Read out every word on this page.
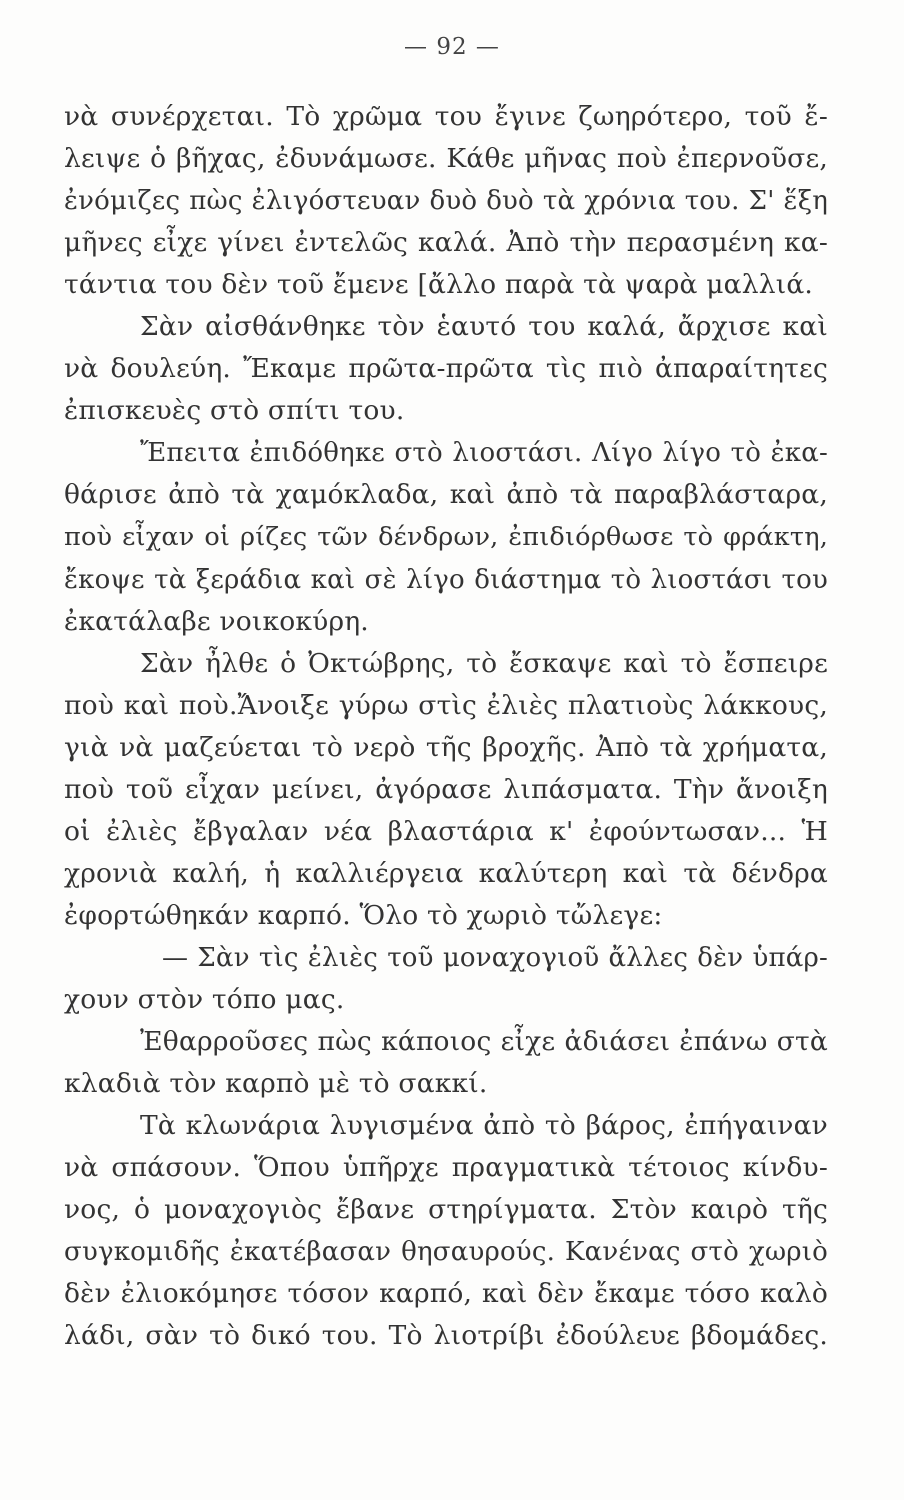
— 92 —
νὰ συνέρχεται. Τὸ χρῶμα του ἔγινε ζωηρότερο, τοῦ ἔ-
λειψε ὁ βῆχας, ἐδυνάμωσε. Κάθε μῆνας ποὺ ἐπερνοῦσε,
ἐνόμιζες πὼς ἐλιγόστευαν δυὸ δυὸ τὰ χρόνια του. Σ' ἕξη
μῆνες εἶχε γίνει ἐντελῶς καλά. Ἀπὸ τὴν περασμένη κα-
τάντια του δὲν τοῦ ἔμενε [ἄλλο παρὰ τὰ ψαρὰ μαλλιά.
Σὰν αἰσθάνθηκε τὸν ἑαυτό του καλά, ἄρχισε καὶ
νὰ δουλεύη. Ἔκαμε πρῶτα-πρῶτα τὶς πιὸ ἀπαραίτητες
ἐπισκευὲς στὸ σπίτι του.
Ἔπειτα ἐπιδόθηκε στὸ λιοστάσι. Λίγο λίγο τὸ ἐκα-
θάρισε ἀπὸ τὰ χαμόκλαδα, καὶ ἀπὸ τὰ παραβλάσταρα,
ποὺ εἶχαν οἱ ρίζες τῶν δένδρων, ἐπιδιόρθωσε τὸ φράκτη,
ἔκοψε τὰ ξεράδια καὶ σὲ λίγο διάστημα τὸ λιοστάσι του
ἐκατάλαβε νοικοκύρη.
Σὰν ἦλθε ὁ Ὀκτώβρης, τὸ ἔσκαψε καὶ τὸ ἔσπειρε
ποὺ καὶ ποὺ.Ἄνοιξε γύρω στὶς ἐλιὲς πλατιοὺς λάκκους,
γιὰ νὰ μαζεύεται τὸ νερὸ τῆς βροχῆς. Ἀπὸ τὰ χρήματα,
ποὺ τοῦ εἶχαν μείνει, ἀγόρασε λιπάσματα. Τὴν ἄνοιξη
οἱ ἐλιὲς ἔβγαλαν νέα βλαστάρια κ' ἐφούντωσαν... Ἡ
χρονιὰ καλή, ἡ καλλιέργεια καλύτερη καὶ τὰ δένδρα
ἐφορτώθηκάν καρπό. Ὅλο τὸ χωριὸ τὤλεγε:
— Σὰν τὶς ἐλιὲς τοῦ μοναχογιοῦ ἄλλες δὲν ὑπάρ-
χουν στὸν τόπο μας.
Ἐθαρροῦσες πὼς κάποιος εἶχε ἀδιάσει ἐπάνω στὰ
κλαδιὰ τὸν καρπὸ μὲ τὸ σακκί.
Τὰ κλωνάρια λυγισμένα ἀπὸ τὸ βάρος, ἐπήγαιναν
νὰ σπάσουν. Ὅπου ὑπῆρχε πραγματικὰ τέτοιος κίνδυ-
νος, ὁ μοναχογιὸς ἔβανε στηρίγματα. Στὸν καιρὸ τῆς
συγκομιδῆς ἐκατέβασαν θησαυρούς. Κανένας στὸ χωριὸ
δὲν ἐλιοκόμησε τόσον καρπό, καὶ δὲν ἔκαμε τόσο καλὸ
λάδι, σὰν τὸ δικό του. Τὸ λιοτρίβι ἐδούλευε βδομάδες.
